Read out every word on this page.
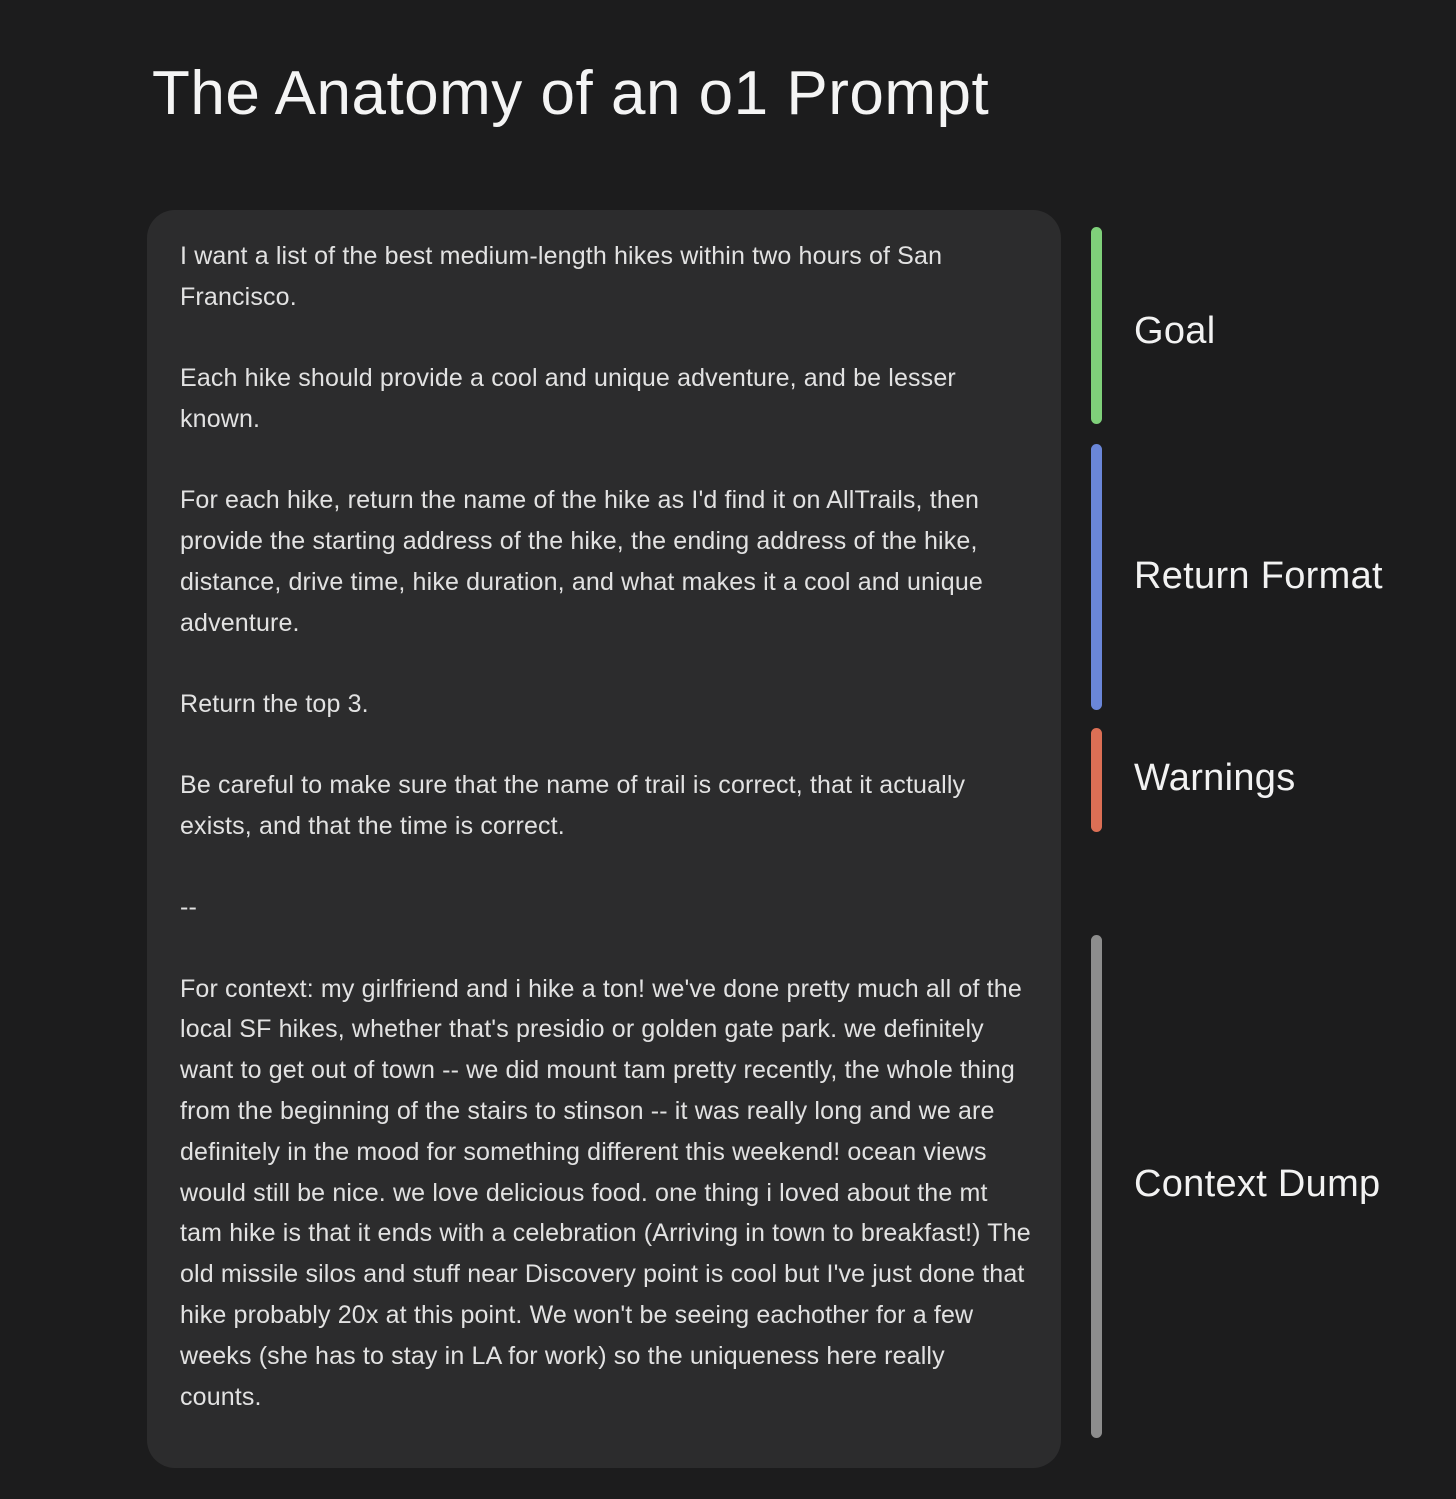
The Anatomy of an o1 Prompt

I want a list of the best medium-length hikes within two hours of San Francisco.

Each hike should provide a cool and unique adventure, and be lesser known.

For each hike, return the name of the hike as I'd find it on AllTrails, then provide the starting address of the hike, the ending address of the hike, distance, drive time, hike duration, and what makes it a cool and unique adventure.

Return the top 3.

Be careful to make sure that the name of trail is correct, that it actually exists, and that the time is correct.

--

For context: my girlfriend and i hike a ton! we've done pretty much all of the local SF hikes, whether that's presidio or golden gate park. we definitely want to get out of town -- we did mount tam pretty recently, the whole thing from the beginning of the stairs to stinson -- it was really long and we are definitely in the mood for something different this weekend! ocean views would still be nice. we love delicious food. one thing i loved about the mt tam hike is that it ends with a celebration (Arriving in town to breakfast!) The old missile silos and stuff near Discovery point is cool but I've just done that hike probably 20x at this point. We won't be seeing eachother for a few weeks (she has to stay in LA for work) so the uniqueness here really counts.

Goal
Return Format
Warnings
Context Dump
